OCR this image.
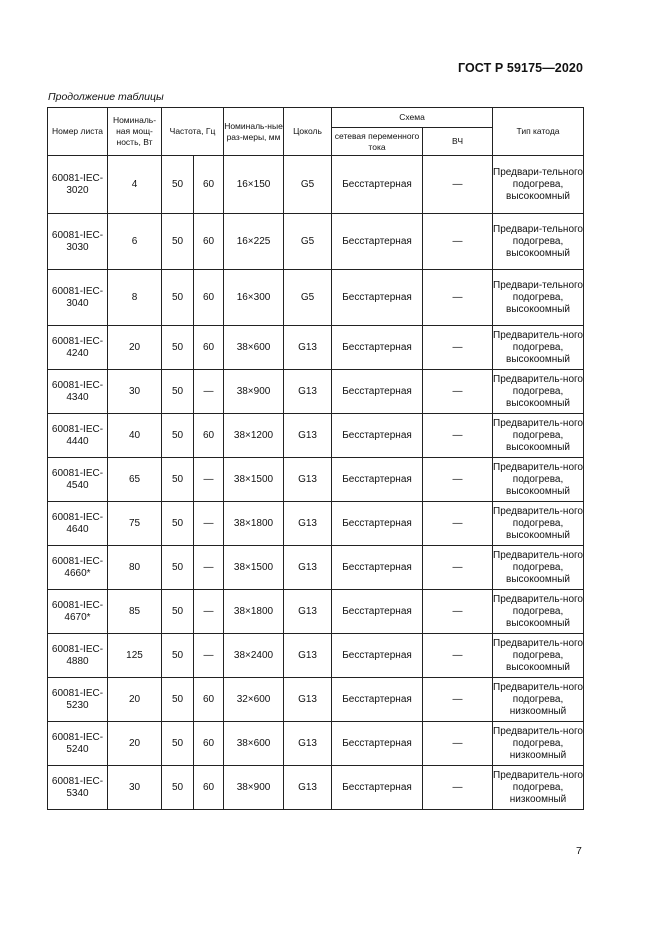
ГОСТ Р 59175—2020
Продолжение таблицы
Номер листа	Номиналь-ная мощ-ность, Вт	Частота, Гц		Номиналь-ные раз-меры, мм	Цоколь	Схема		Тип катода
						сетевая переменного тока	ВЧ	
60081-IEC-3020	4	50	60	16×150	G5	Бесстартерная	—	Предвари-тельного подогрева, высокоомный
60081-IEC-3030	6	50	60	16×225	G5	Бесстартерная	—	Предвари-тельного подогрева, высокоомный
60081-IEC-3040	8	50	60	16×300	G5	Бесстартерная	—	Предвари-тельного подогрева, высокоомный
60081-IEC-4240	20	50	60	38×600	G13	Бесстартерная	—	Предваритель-ного подогрева, высокоомный
60081-IEC-4340	30	50	—	38×900	G13	Бесстартерная	—	Предваритель-ного подогрева, высокоомный
60081-IEC-4440	40	50	60	38×1200	G13	Бесстартерная	—	Предваритель-ного подогрева, высокоомный
60081-IEC-4540	65	50	—	38×1500	G13	Бесстартерная	—	Предваритель-ного подогрева, высокоомный
60081-IEC-4640	75	50	—	38×1800	G13	Бесстартерная	—	Предваритель-ного подогрева, высокоомный
60081-IEC-4660*	80	50	—	38×1500	G13	Бесстартерная	—	Предваритель-ного подогрева, высокоомный
60081-IEC-4670*	85	50	—	38×1800	G13	Бесстартерная	—	Предваритель-ного подогрева, высокоомный
60081-IEC-4880	125	50	—	38×2400	G13	Бесстартерная	—	Предваритель-ного подогрева, высокоомный
60081-IEC-5230	20	50	60	32×600	G13	Бесстартерная	—	Предваритель-ного подогрева, низкоомный
60081-IEC-5240	20	50	60	38×600	G13	Бесстартерная	—	Предваритель-ного подогрева, низкоомный
60081-IEC-5340	30	50	60	38×900	G13	Бесстартерная	—	Предваритель-ного подогрева, низкоомный
7
